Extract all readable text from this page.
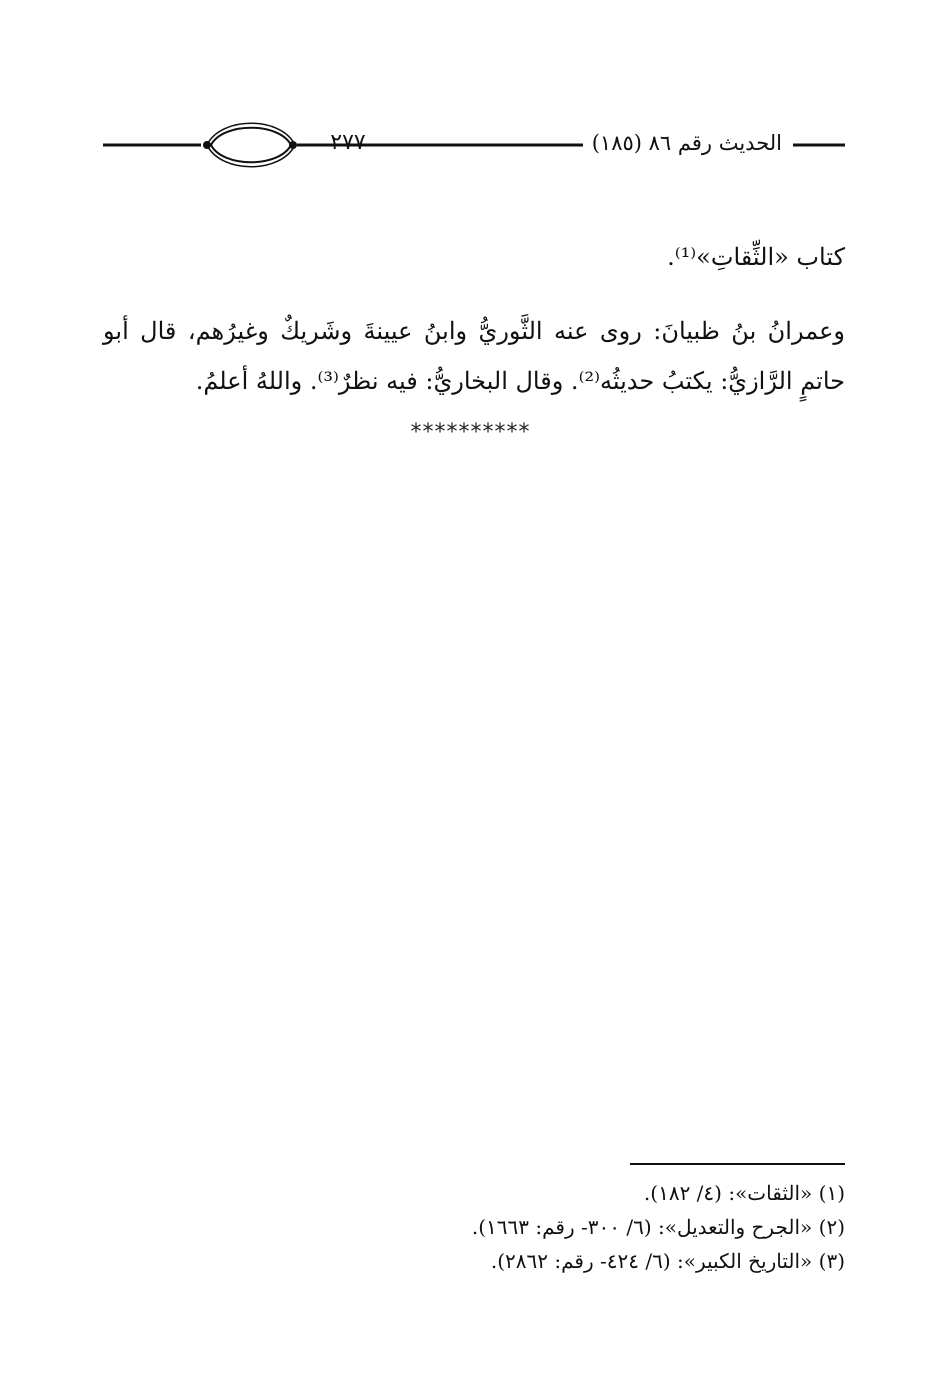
٢٧٧	الحديث رقم ٨٦ (١٨٥)

كتاب «الثِّقاتِ»⁽¹⁾.

وعمرانُ بنُ ظبيانَ: روى عنه الثَّوريُّ وابنُ عيينةَ وشَريكٌ وغيرُهم، قال أبو حاتمٍ الرَّازيُّ: يكتبُ حديثُه⁽²⁾. وقال البخاريُّ: فيه نظرٌ⁽³⁾. واللهُ أعلمُ.

**********
(١) «الثقات»: (٤/ ١٨٢).
(٢) «الجرح والتعديل»: (٦/ ٣٠٠- رقم: ١٦٦٣).
(٣) «التاريخ الكبير»: (٦/ ٤٢٤- رقم: ٢٨٦٢).
